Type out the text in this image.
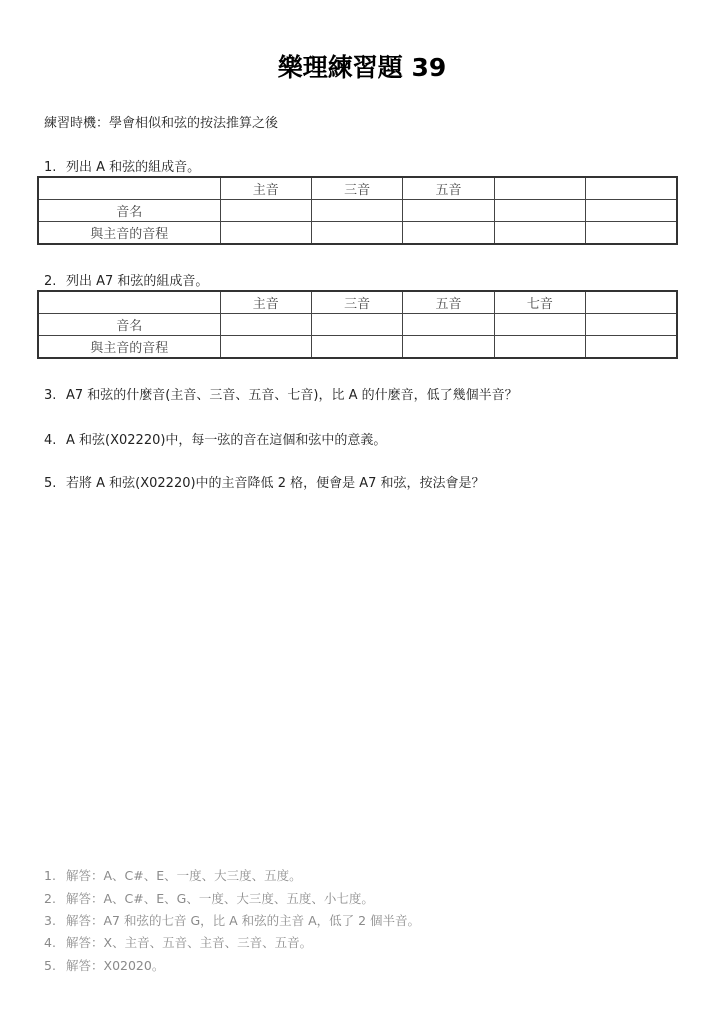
樂理練習題 39
練習時機：學會相似和弦的按法推算之後
1. 列出 A 和弦的組成音。
	主音	三音	五音		
音名					
與主音的音程					
2. 列出 A7 和弦的組成音。
	主音	三音	五音	七音	
音名					
與主音的音程					
3. A7 和弦的什麼音(主音、三音、五音、七音)，比 A 的什麼音，低了幾個半音？
4. A 和弦(X02220)中，每一弦的音在這個和弦中的意義。
5. 若將 A 和弦(X02220)中的主音降低 2 格，便會是 A7 和弦，按法會是？
1. 解答：A、C#、E、一度、大三度、五度。
2. 解答：A、C#、E、G、一度、大三度、五度、小七度。
3. 解答：A7 和弦的七音 G，比 A 和弦的主音 A，低了 2 個半音。
4. 解答：X、主音、五音、主音、三音、五音。
5. 解答：X02020。
